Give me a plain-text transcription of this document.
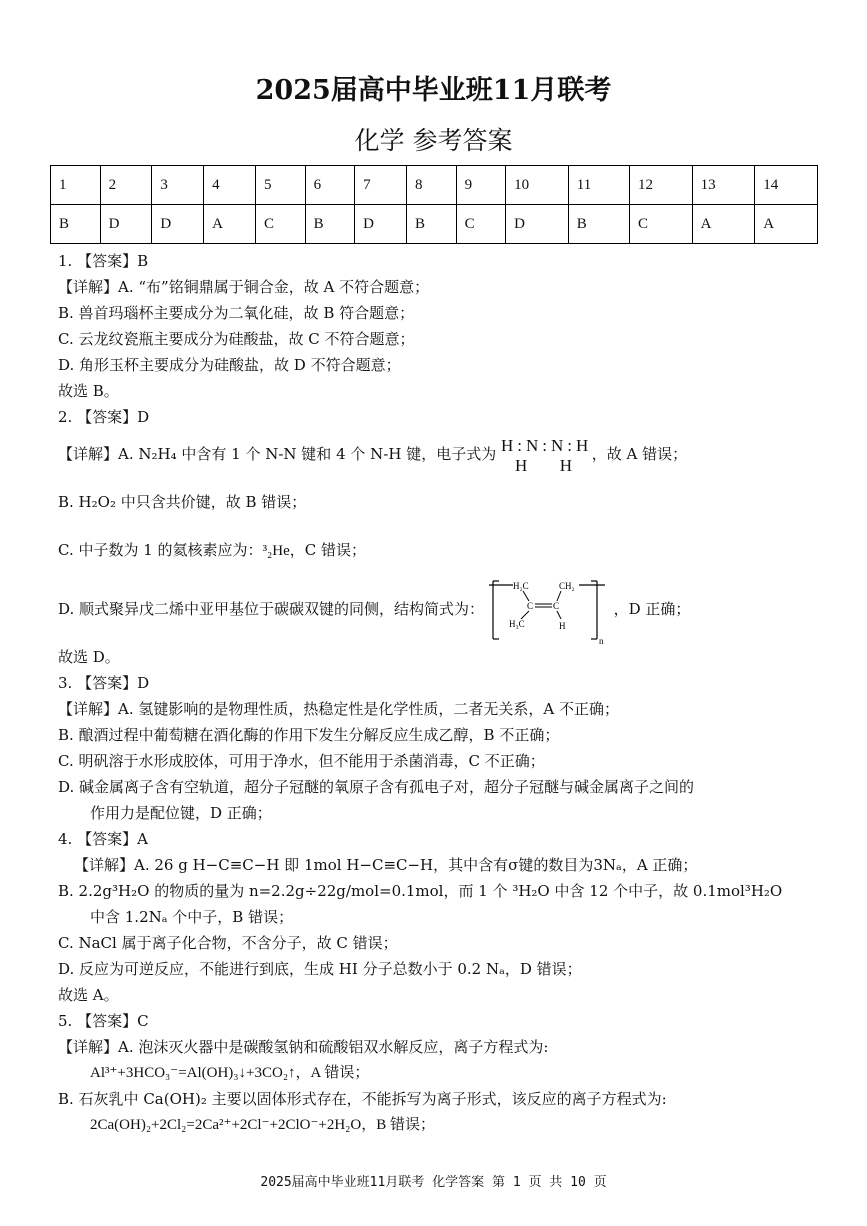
2025届高中毕业班11月联考
化学 参考答案
1	2	3	4	5	6	7	8	9	10	11	12	13	14
B	D	D	A	C	B	D	B	C	D	B	C	A	A
1. 【答案】B
【详解】A. “布”铭铜鼎属于铜合金，故 A 不符合题意；
B. 兽首玛瑙杯主要成分为二氧化硅，故 B 符合题意；
C. 云龙纹瓷瓶主要成分为硅酸盐，故 C 不符合题意；
D. 角形玉杯主要成分为硅酸盐，故 D 不符合题意；
故选 B。
2. 【答案】D
【详解】A. N₂H₄ 中含有 1 个 N-N 键和 4 个 N-H 键，电子式为 H:N:N:H
H  H
，故 A 错误；
B. H₂O₂ 中只含共价键，故 B 错误；
C. 中子数为 1 的氦核素应为：³₂He，C 错误；
D. 顺式聚异戊二烯中亚甲基位于碳碳双键的同侧，结构简式为：
H₂C	CH₂
C C
H₃C	H
n
，D 正确；
故选 D。
3. 【答案】D
【详解】A. 氢键影响的是物理性质，热稳定性是化学性质，二者无关系，A 不正确；
B. 酿酒过程中葡萄糖在酒化酶的作用下发生分解反应生成乙醇，B 不正确；
C. 明矾溶于水形成胶体，可用于净水，但不能用于杀菌消毒，C 不正确；
D. 碱金属离子含有空轨道，超分子冠醚的氧原子含有孤电子对，超分子冠醚与碱金属离子之间的
作用力是配位键，D 正确；
4. 【答案】A
【详解】A. 26 g H−C≡C−H 即 1mol H−C≡C−H，其中含有σ键的数目为3Nₐ，A 正确；
B. 2.2g³H₂O 的物质的量为 n=2.2g÷22g/mol=0.1mol，而 1 个 ³H₂O 中含 12 个中子，故 0.1mol³H₂O
中含 1.2Nₐ 个中子，B 错误；
C. NaCl 属于离子化合物，不含分子，故 C 错误；
D. 反应为可逆反应，不能进行到底，生成 HI 分子总数小于 0.2 Nₐ，D 错误；
故选 A。
5. 【答案】C
【详解】A. 泡沫灭火器中是碳酸氢钠和硫酸铝双水解反应，离子方程式为:
Al³⁺+3HCO₃⁻=Al(OH)₃↓+3CO₂↑，A 错误；
B. 石灰乳中 Ca(OH)₂ 主要以固体形式存在，不能拆写为离子形式，该反应的离子方程式为:
2Ca(OH)₂+2Cl₂=2Ca²⁺+2Cl⁻+2ClO⁻+2H₂O，B 错误；
2025届高中毕业班11月联考 化学答案 第 1 页 共 10 页
